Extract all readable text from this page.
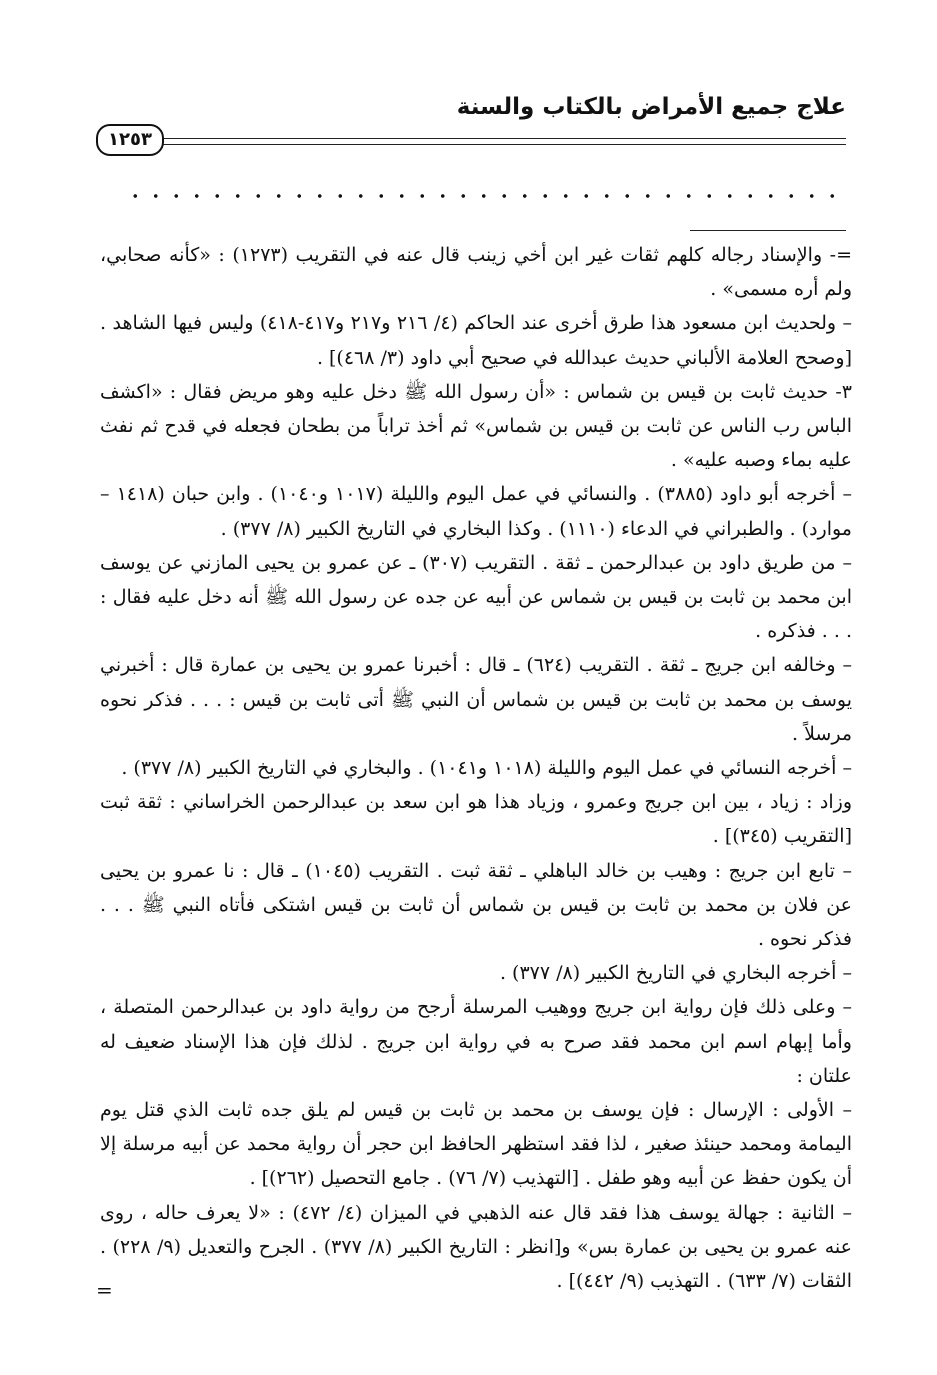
علاج جميع الأمراض بالكتاب والسنة
١٢٥٣

=- والإسناد رجاله كلهم ثقات غير ابن أخي زينب قال عنه في التقريب (١٢٧٣) : «كأنه صحابي، ولم أره مسمى» .

– ولحديث ابن مسعود هذا طرق أخرى عند الحاكم (٤/ ٢١٦ و٢١٧ و٤١٧-٤١٨) وليس فيها الشاهد . [وصحح العلامة الألباني حديث عبدالله في صحيح أبي داود (٣/ ٤٦٨)] .

٣- حديث ثابت بن قيس بن شماس : «أن رسول الله ﷺ دخل عليه وهو مريض فقال : «اكشف الباس رب الناس عن ثابت بن قيس بن شماس» ثم أخذ تراباً من بطحان فجعله في قدح ثم نفث عليه بماء وصبه عليه» .

– أخرجه أبو داود (٣٨٨٥) . والنسائي في عمل اليوم والليلة (١٠١٧ و١٠٤٠) . وابن حبان (١٤١٨ – موارد) . والطبراني في الدعاء (١١١٠) . وكذا البخاري في التاريخ الكبير (٨/ ٣٧٧) .

– من طريق داود بن عبدالرحمن ـ ثقة . التقريب (٣٠٧) ـ عن عمرو بن يحيى المازني عن يوسف ابن محمد بن ثابت بن قيس بن شماس عن أبيه عن جده عن رسول الله ﷺ أنه دخل عليه فقال : . . . فذكره .

– وخالفه ابن جريج ـ ثقة . التقريب (٦٢٤) ـ قال : أخبرنا عمرو بن يحيى بن عمارة قال : أخبرني يوسف بن محمد بن ثابت بن قيس بن شماس أن النبي ﷺ أتى ثابت بن قيس : . . . فذكر نحوه مرسلاً .

– أخرجه النسائي في عمل اليوم والليلة (١٠١٨ و١٠٤١) . والبخاري في التاريخ الكبير (٨/ ٣٧٧) .

وزاد : زياد ، بين ابن جريج وعمرو ، وزياد هذا هو ابن سعد بن عبدالرحمن الخراساني : ثقة ثبت [التقريب (٣٤٥)] .

– تابع ابن جريج : وهيب بن خالد الباهلي ـ ثقة ثبت . التقريب (١٠٤٥) ـ قال : نا عمرو بن يحيى عن فلان بن محمد بن ثابت بن قيس بن شماس أن ثابت بن قيس اشتكى فأتاه النبي ﷺ . . . فذكر نحوه .

– أخرجه البخاري في التاريخ الكبير (٨/ ٣٧٧) .

– وعلى ذلك فإن رواية ابن جريج ووهيب المرسلة أرجح من رواية داود بن عبدالرحمن المتصلة ، وأما إبهام اسم ابن محمد فقد صرح به في رواية ابن جريج . لذلك فإن هذا الإسناد ضعيف له علتان :

– الأولى : الإرسال : فإن يوسف بن محمد بن ثابت بن قيس لم يلق جده ثابت الذي قتل يوم اليمامة ومحمد حينئذ صغير ، لذا فقد استظهر الحافظ ابن حجر أن رواية محمد عن أبيه مرسلة إلا أن يكون حفظ عن أبيه وهو طفل . [التهذيب (٧/ ٧٦) . جامع التحصيل (٢٦٢)] .

– الثانية : جهالة يوسف هذا فقد قال عنه الذهبي في الميزان (٤/ ٤٧٢) : «لا يعرف حاله ، روى عنه عمرو بن يحيى بن عمارة بس» و[انظر : التاريخ الكبير (٨/ ٣٧٧) . الجرح والتعديل (٩/ ٢٢٨) . الثقات (٧/ ٦٣٣) . التهذيب (٩/ ٤٤٢)] .

=
